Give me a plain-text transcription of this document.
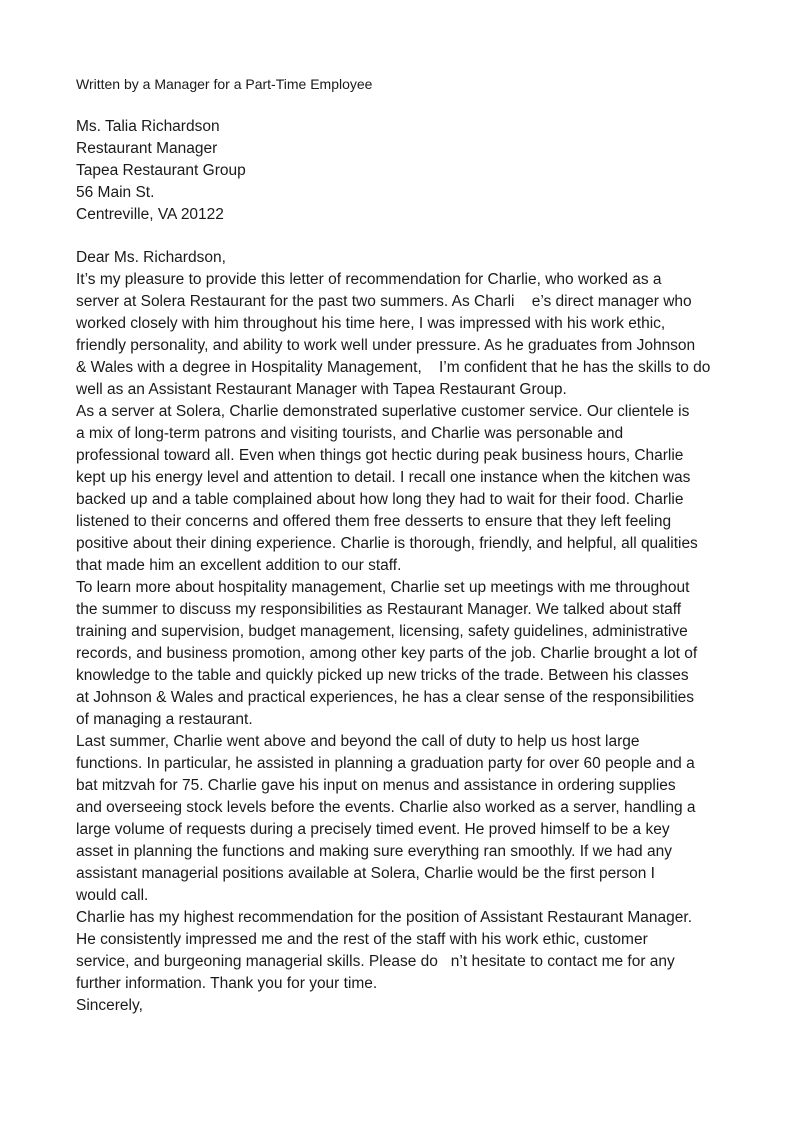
Written by a Manager for a Part-Time Employee

Ms. Talia Richardson
Restaurant Manager
Tapea Restaurant Group
56 Main St.
Centreville, VA 20122
Dear Ms. Richardson,
It’s my pleasure to provide this letter of recommendation for Charlie, who worked as a
server at Solera Restaurant for the past two summers. As Charli    e’s direct manager who
worked closely with him throughout his time here, I was impressed with his work ethic,
friendly personality, and ability to work well under pressure. As he graduates from Johnson
& Wales with a degree in Hospitality Management,    I’m confident that he has the skills to do
well as an Assistant Restaurant Manager with Tapea Restaurant Group.
As a server at Solera, Charlie demonstrated superlative customer service. Our clientele is
a mix of long-term patrons and visiting tourists, and Charlie was personable and
professional toward all. Even when things got hectic during peak business hours, Charlie
kept up his energy level and attention to detail. I recall one instance when the kitchen was
backed up and a table complained about how long they had to wait for their food. Charlie
listened to their concerns and offered them free desserts to ensure that they left feeling
positive about their dining experience. Charlie is thorough, friendly, and helpful, all qualities
that made him an excellent addition to our staff.
To learn more about hospitality management, Charlie set up meetings with me throughout
the summer to discuss my responsibilities as Restaurant Manager. We talked about staff
training and supervision, budget management, licensing, safety guidelines, administrative
records, and business promotion, among other key parts of the job. Charlie brought a lot of
knowledge to the table and quickly picked up new tricks of the trade. Between his classes
at Johnson & Wales and practical experiences, he has a clear sense of the responsibilities
of managing a restaurant.
Last summer, Charlie went above and beyond the call of duty to help us host large
functions. In particular, he assisted in planning a graduation party for over 60 people and a
bat mitzvah for 75. Charlie gave his input on menus and assistance in ordering supplies
and overseeing stock levels before the events. Charlie also worked as a server, handling a
large volume of requests during a precisely timed event. He proved himself to be a key
asset in planning the functions and making sure everything ran smoothly. If we had any
assistant managerial positions available at Solera, Charlie would be the first person I
would call.
Charlie has my highest recommendation for the position of Assistant Restaurant Manager.
He consistently impressed me and the rest of the staff with his work ethic, customer
service, and burgeoning managerial skills. Please do   n’t hesitate to contact me for any
further information. Thank you for your time.
Sincerely,
